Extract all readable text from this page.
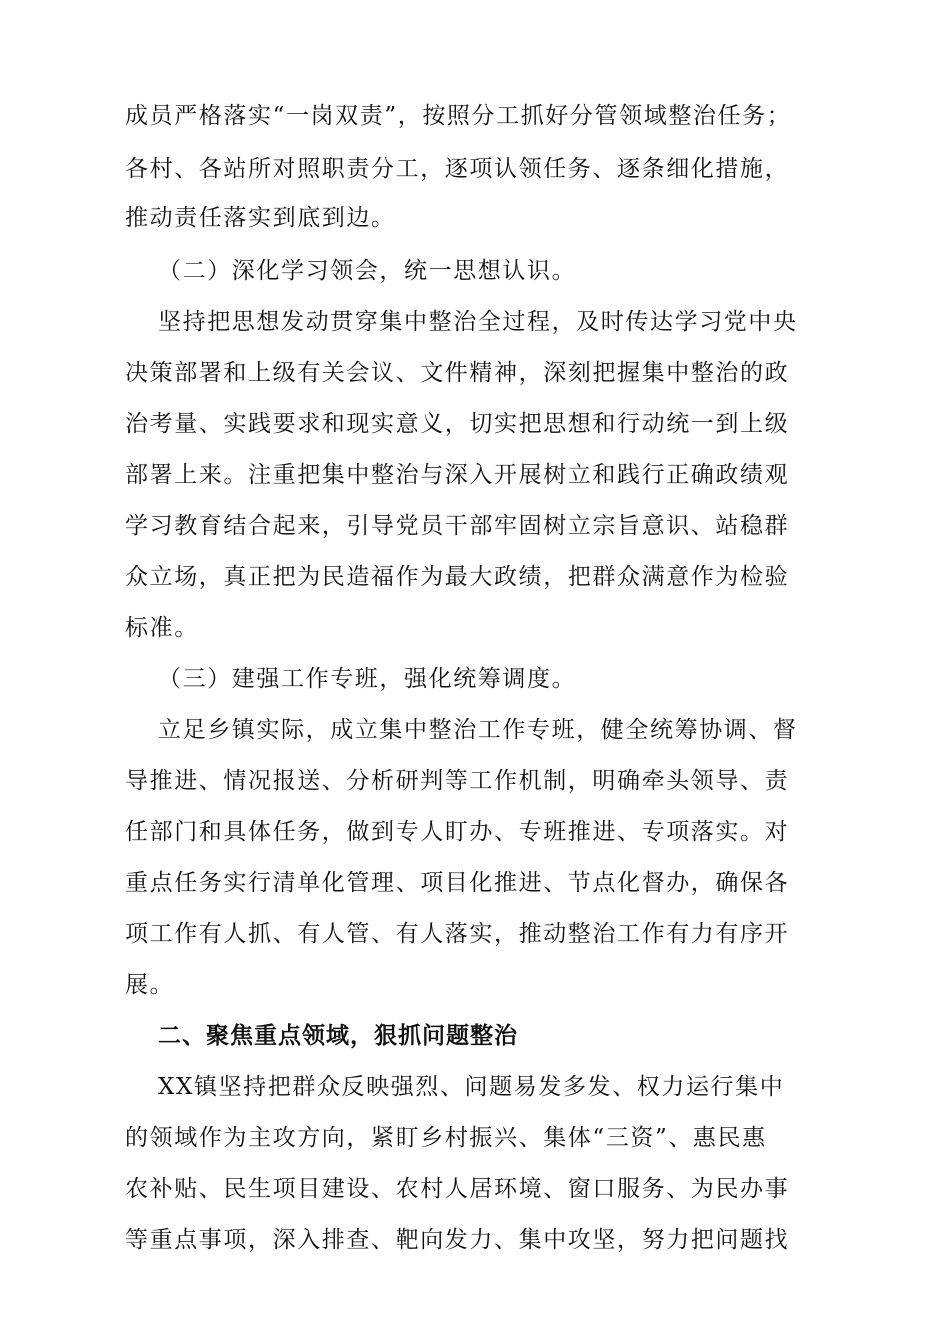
成员严格落实“一岗双责”，按照分工抓好分管领域整治任务；
各村、各站所对照职责分工，逐项认领任务、逐条细化措施，
推动责任落实到底到边。
（二）深化学习领会，统一思想认识。
坚持把思想发动贯穿集中整治全过程，及时传达学习党中央
决策部署和上级有关会议、文件精神，深刻把握集中整治的政
治考量、实践要求和现实意义，切实把思想和行动统一到上级
部署上来。注重把集中整治与深入开展树立和践行正确政绩观
学习教育结合起来，引导党员干部牢固树立宗旨意识、站稳群
众立场，真正把为民造福作为最大政绩，把群众满意作为检验
标准。
（三）建强工作专班，强化统筹调度。
立足乡镇实际，成立集中整治工作专班，健全统筹协调、督
导推进、情况报送、分析研判等工作机制，明确牵头领导、责
任部门和具体任务，做到专人盯办、专班推进、专项落实。对
重点任务实行清单化管理、项目化推进、节点化督办，确保各
项工作有人抓、有人管、有人落实，推动整治工作有力有序开
展。
二、聚焦重点领域，狠抓问题整治
XX镇坚持把群众反映强烈、问题易发多发、权力运行集中
的领域作为主攻方向，紧盯乡村振兴、集体“三资”、惠民惠
农补贴、民生项目建设、农村人居环境、窗口服务、为民办事
等重点事项，深入排查、靶向发力、集中攻坚，努力把问题找
